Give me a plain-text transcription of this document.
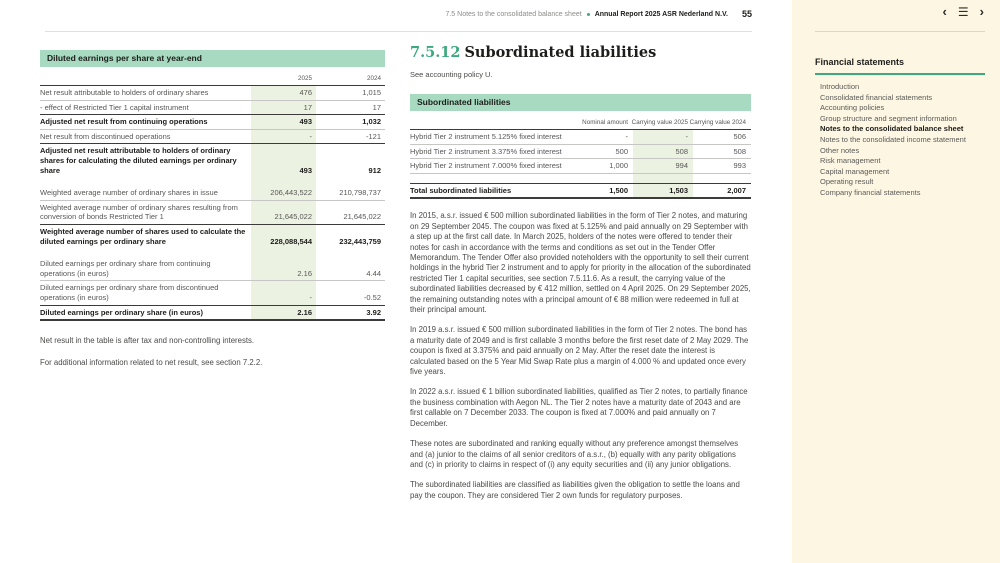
7.5 Notes to the consolidated balance sheet Annual Report 2025 ASR Nederland N.V. 55
Diluted earnings per share at year-end
	2025	2024
Net result attributable to holders of ordinary shares	476	1,015
- effect of Restricted Tier 1 capital instrument	17	17
Adjusted net result from continuing operations	493	1,032
Net result from discontinued operations	-	-121
Adjusted net result attributable to holders of ordinary shares for calculating the diluted earnings per ordinary share	493	912

Weighted average number of ordinary shares in issue	206,443,522	210,798,737
Weighted average number of ordinary shares resulting from conversion of bonds Restricted Tier 1	21,645,022	21,645,022
Weighted average number of shares used to calculate the diluted earnings per ordinary share	228,088,544	232,443,759

Diluted earnings per ordinary share from continuing operations (in euros)	2.16	4.44
Diluted earnings per ordinary share from discontinued operations (in euros)	-	-0.52
Diluted earnings per ordinary share (in euros)	2.16	3.92

Net result in the table is after tax and non-controlling interests.

For additional information related to net result, see section 7.2.2.

7.5.12 Subordinated liabilities

See accounting policy U.

Subordinated liabilities
	Nominal amount	Carrying value 2025	Carrying value 2024
Hybrid Tier 2 instrument 5.125% fixed interest	-	-	506
Hybrid Tier 2 instrument 3.375% fixed interest	500	508	508
Hybrid Tier 2 instrument 7.000% fixed interest	1,000	994	993

Total subordinated liabilities	1,500	1,503	2,007

In 2015, a.s.r. issued € 500 million subordinated liabilities in the form of Tier 2 notes, and maturing on 29 September 2045. The coupon was fixed at 5.125% and paid annually on 29 September with a step up at the first call date. In March 2025, holders of the notes were offered to tender their notes for cash in accordance with the terms and conditions as set out in the Tender Offer Memorandum. The Tender Offer also provided noteholders with the opportunity to sell their current holdings in the hybrid Tier 2 instrument and to apply for priority in the allocation of the subordinated restricted Tier 1 capital securities, see section 7.5.11.6. As a result, the carrying value of the subordinated liabilities decreased by € 412 million, settled on 4 April 2025. On 29 September 2025, the remaining outstanding notes with a principal amount of € 88 million were redeemed in full at their principal amount.

In 2019 a.s.r. issued € 500 million subordinated liabilities in the form of Tier 2 notes. The bond has a maturity date of 2049 and is first callable 3 months before the first reset date of 2 May 2029. The coupon is fixed at 3.375% and paid annually on 2 May. After the reset date the interest is calculated based on the 5 Year Mid Swap Rate plus a margin of 4.000 % and updated once every five years.

In 2022 a.s.r. issued € 1 billion subordinated liabilities, qualified as Tier 2 notes, to partially finance the business combination with Aegon NL. The Tier 2 notes have a maturity date of 2043 and are first callable on 7 December 2033. The coupon is fixed at 7.000% and paid annually on 7 December.

These notes are subordinated and ranking equally without any preference amongst themselves and (a) junior to the claims of all senior creditors of a.s.r., (b) equally with any parity obligations and (c) in priority to claims in respect of (i) any equity securities and (ii) any junior obligations.

The subordinated liabilities are classified as liabilities given the obligation to settle the loans and pay the coupon. They are considered Tier 2 own funds for regulatory purposes.

‹ ☰ ›
Financial statements
Introduction
Consolidated financial statements
Accounting policies
Group structure and segment information
Notes to the consolidated balance sheet
Notes to the consolidated income statement
Other notes
Risk management
Capital management
Operating result
Company financial statements
